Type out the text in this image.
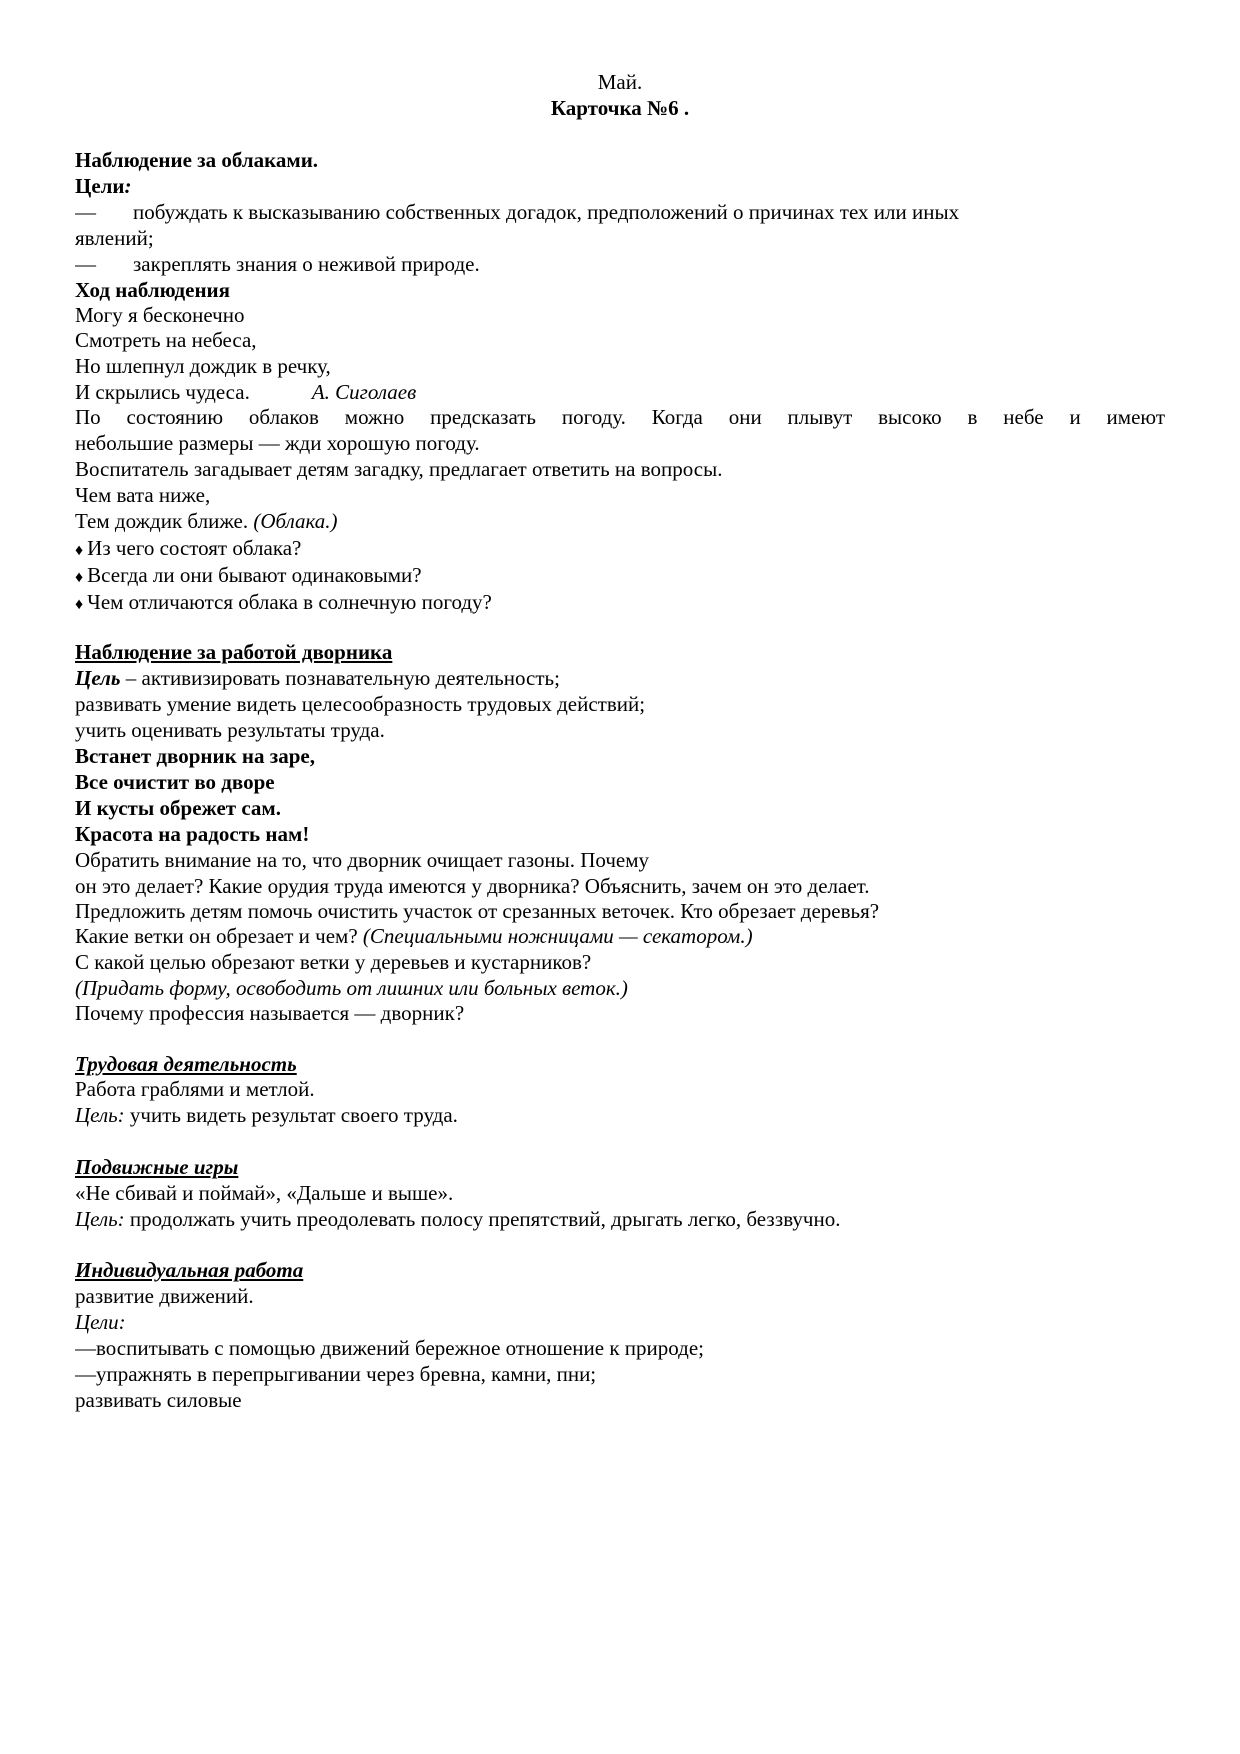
Май.
Карточка №6 .
Наблюдение за облаками.
Цели:
— побуждать к высказыванию собственных догадок, предположений о причинах тех или иных
явлений;
— закреплять знания о неживой природе.
Ход наблюдения
Могу я бесконечно
Смотреть на небеса,
Но шлепнул дождик в речку,
И скрылись чудеса.	А. Сиголаев
По состоянию облаков можно предсказать погоду. Когда они плывут высоко в небе и имеют
небольшие размеры — жди хорошую погоду.
Воспитатель загадывает детям загадку, предлагает ответить на вопросы.
Чем вата ниже,
Тем дождик ближе. (Облака.)
♦ Из чего состоят облака?
♦ Всегда ли они бывают одинаковыми?
♦ Чем отличаются облака в солнечную погоду?
Наблюдение за работой дворника
Цель – активизировать познавательную деятельность;
развивать умение видеть целесообразность трудовых действий;
учить оценивать результаты труда.
Встанет дворник на заре,
Все очистит во дворе
И кусты обрежет сам.
Красота на радость нам!
Обратить внимание на то, что дворник очищает газоны. Почему
он это делает? Какие орудия труда имеются у дворника? Объяснить, зачем он это делает.
Предложить детям помочь очистить участок от срезанных веточек. Кто обрезает деревья?
Какие ветки он обрезает и чем? (Специальными ножницами — секатором.)
С какой целью обрезают ветки у деревьев и кустарников?
(Придать форму, освободить от лишних или больных веток.)
Почему профессия называется — дворник?
Трудовая деятельность
Работа граблями и метлой.
Цель: учить видеть результат своего труда.
Подвижные игры
«Не сбивай и поймай», «Дальше и выше».
Цель: продолжать учить преодолевать полосу препятствий, дрыгать легко, беззвучно.
Индивидуальная работа
развитие движений.
Цели:
—воспитывать с помощью движений бережное отношение к природе;
—упражнять в перепрыгивании через бревна, камни, пни;
развивать силовые
